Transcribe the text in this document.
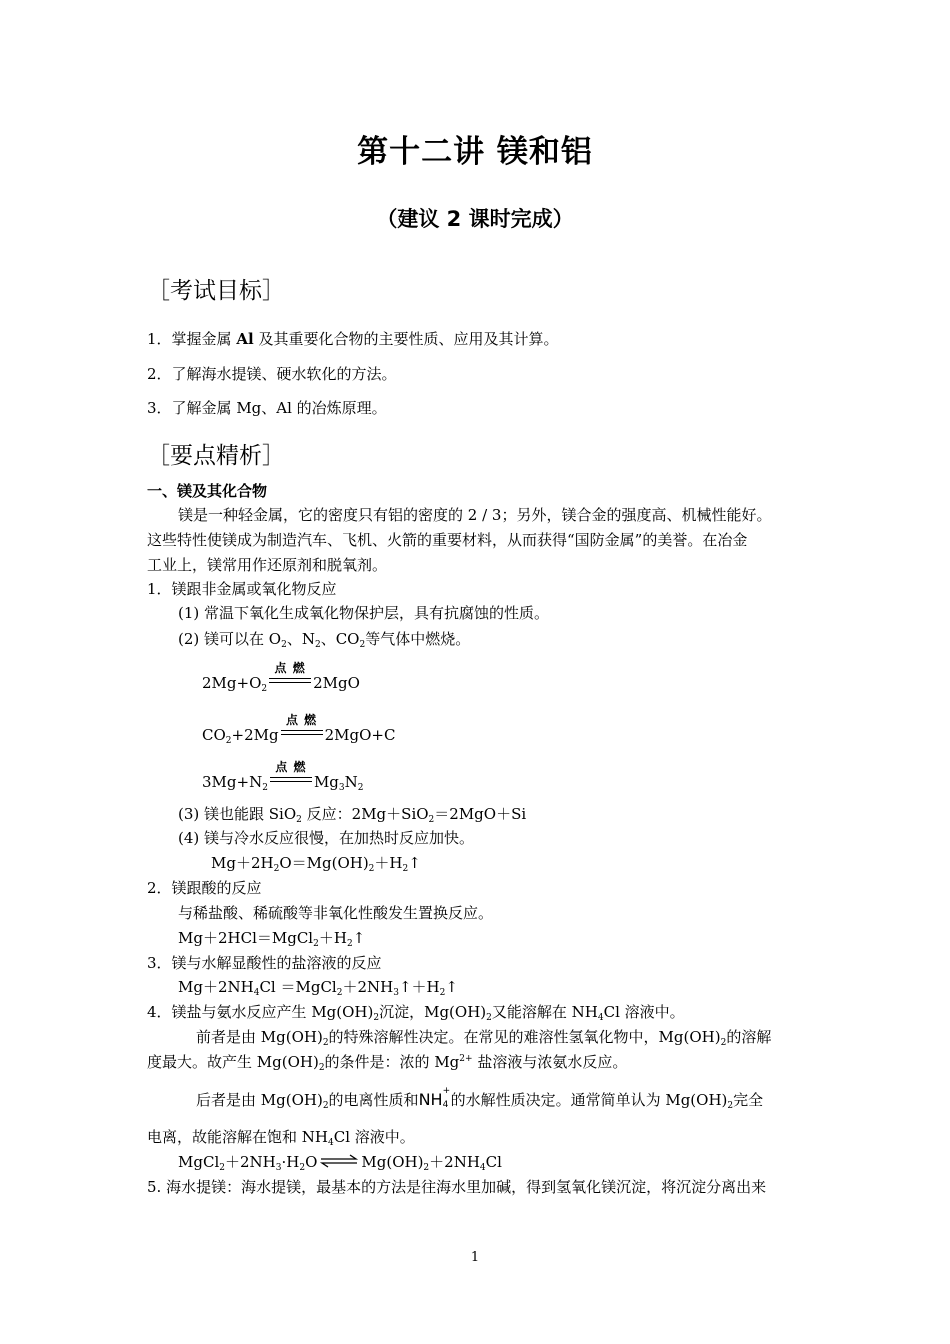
第十二讲 镁和铝
（建议 2 课时完成）
［考试目标］
1．掌握金属 Al 及其重要化合物的主要性质、应用及其计算。
2．了解海水提镁、硬水软化的方法。
3．了解金属 Mg、Al 的冶炼原理。
［要点精析］
一、镁及其化合物
镁是一种轻金属，它的密度只有铝的密度的 2 / 3；另外，镁合金的强度高、机械性能好。
这些特性使镁成为制造汽车、飞机、火箭的重要材料，从而获得“国防金属”的美誉。在冶金
工业上，镁常用作还原剂和脱氧剂。
1．镁跟非金属或氧化物反应
(1) 常温下氧化生成氧化物保护层，具有抗腐蚀的性质。
(2) 镁可以在 $O_2$、$N_2$、$CO_2$等气体中燃烧。
$2Mg+O_2$
点 燃
2MgO
$CO_2+2Mg$
点 燃
2MgO+C
$3Mg+N_2$
点 燃
$Mg_3N_2$
(3) 镁也能跟 SiO$_2$ 反应：2Mg＋SiO$_2$＝2MgO＋Si
(4) 镁与冷水反应很慢，在加热时反应加快。
$Mg+2H_2O=Mg(OH)_2+H_2↑$
2．镁跟酸的反应
与稀盐酸、稀硫酸等非氧化性酸发生置换反应。
$Mg+2HCl=MgCl_2+H_2↑$
3．镁与水解显酸性的盐溶液的反应
$Mg+2NH_4Cl$ $=MgCl_2+2NH_3↑+H_2↑$
4．镁盐与氨水反应产生 $Mg(OH)_2$沉淀，$Mg(OH)_2$又能溶解在 $NH_4Cl$ 溶液中。
前者是由 $Mg(OH)_2$的特殊溶解性决定。在常见的难溶性氢氧化物中，$Mg(OH)_2$的溶解
度最大。故产生 $Mg(OH)_2$的条件是：浓的 $Mg^{2+}$ 盐溶液与浓氨水反应。
后者是由 $Mg(OH)_2$的电离性质和NH +
4 的水解性质决定。通常简单认为 $Mg(OH)_2$完全
电离，故能溶解在饱和 $NH_4Cl$ 溶液中。
$MgCl_2+2NH_3\cdot H_2O$ ⇌ $Mg(OH)_2+2NH_4Cl$
5. 海水提镁：海水提镁，最基本的方法是往海水里加碱，得到氢氧化镁沉淀，将沉淀分离出来
1
